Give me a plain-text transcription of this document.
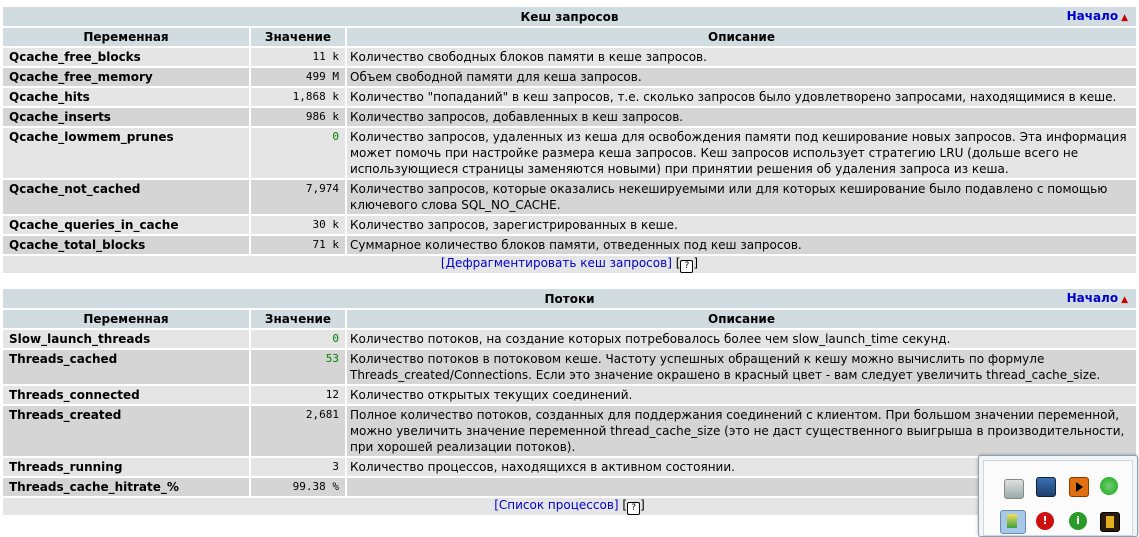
Кеш запросов Начало ▲		

Переменная	Значение	Описание
Qcache_free_blocks	11 k	Количество свободных блоков памяти в кеше запросов.
Qcache_free_memory	499 M	Объем свободной памяти для кеша запросов.
Qcache_hits	1,868 k	Количество "попаданий" в кеш запросов, т.е. сколько запросов было удовлетворено запросами, находящимися в кеше.
Qcache_inserts	986 k	Количество запросов, добавленных в кеш запросов.
Qcache_lowmem_prunes	0	Количество запросов, удаленных из кеша для освобождения памяти под кеширование новых запросов. Эта информация может помочь при настройке размера кеша запросов. Кеш запросов использует стратегию LRU (дольше всего не использующиеся страницы заменяются новыми) при принятии решения об удаления запроса из кеша.
Qcache_not_cached	7,974	Количество запросов, которые оказались некешируемыми или для которых кеширование было подавлено с помощью ключевого слова SQL_NO_CACHE.
Qcache_queries_in_cache	30 k	Количество запросов, зарегистрированных в кеше.
Qcache_total_blocks	71 k	Суммарное количество блоков памяти, отведенных под кеш запросов.
[Дефрагментировать кеш запросов] [ ? ]		
Потоки Начало ▲		

Переменная	Значение	Описание
Slow_launch_threads	0	Количество потоков, на создание которых потребовалось более чем slow_launch_time секунд.
Threads_cached	53	Количество потоков в потоковом кеше. Частоту успешных обращений к кешу можно вычислить по формуле Threads_created/Connections. Если это значение окрашено в красный цвет - вам следует увеличить thread_cache_size.
Threads_connected	12	Количество открытых текущих соединений.
Threads_created	2,681	Полное количество потоков, созданных для поддержания соединений с клиентом. При большом значении переменной, можно увеличить значение переменной thread_cache_size (это не даст существенного выигрыша в производительности, при хорошей реализации потоков).
Threads_running	3	Количество процессов, находящихся в активном состоянии.
Threads_cache_hitrate_%	99.38 %	
[Список процессов] [ ? ]		
!	i
